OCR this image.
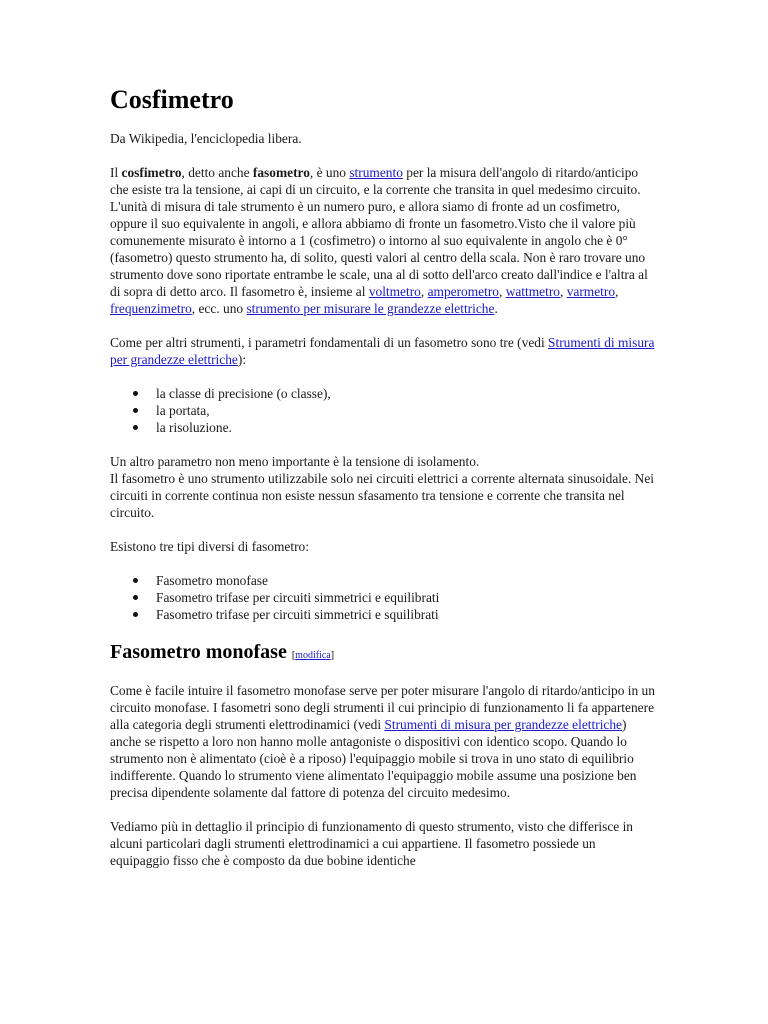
Cosfimetro
Da Wikipedia, l'enciclopedia libera.

Il cosfimetro, detto anche fasometro, è uno strumento per la misura dell'angolo di ritardo/anticipo che esiste tra la tensione, ai capi di un circuito, e la corrente che transita in quel medesimo circuito. L'unità di misura di tale strumento è un numero puro, e allora siamo di fronte ad un cosfimetro, oppure il suo equivalente in angoli, e allora abbiamo di fronte un fasometro.Visto che il valore più comunemente misurato è intorno a 1 (cosfimetro) o intorno al suo equivalente in angolo che è 0° (fasometro) questo strumento ha, di solito, questi valori al centro della scala. Non è raro trovare uno strumento dove sono riportate entrambe le scale, una al di sotto dell'arco creato dall'indice e l'altra al di sopra di detto arco. Il fasometro è, insieme al voltmetro, amperometro, wattmetro, varmetro, frequenzimetro, ecc. uno strumento per misurare le grandezze elettriche.

Come per altri strumenti, i parametri fondamentali di un fasometro sono tre (vedi Strumenti di misura per grandezze elettriche):

la classe di precisione (o classe),
la portata,
la risoluzione.

Un altro parametro non meno importante è la tensione di isolamento.
Il fasometro è uno strumento utilizzabile solo nei circuiti elettrici a corrente alternata sinusoidale. Nei circuiti in corrente continua non esiste nessun sfasamento tra tensione e corrente che transita nel circuito.

Esistono tre tipi diversi di fasometro:

Fasometro monofase
Fasometro trifase per circuiti simmetrici e equilibrati
Fasometro trifase per circuiti simmetrici e squilibrati
Fasometro monofase [modifica]

Come è facile intuire il fasometro monofase serve per poter misurare l'angolo di ritardo/anticipo in un circuito monofase. I fasometri sono degli strumenti il cui principio di funzionamento li fa appartenere alla categoria degli strumenti elettrodinamici (vedi Strumenti di misura per grandezze elettriche) anche se rispetto a loro non hanno molle antagoniste o dispositivi con identico scopo. Quando lo strumento non è alimentato (cioè è a riposo) l'equipaggio mobile si trova in uno stato di equilibrio indifferente. Quando lo strumento viene alimentato l'equipaggio mobile assume una posizione ben precisa dipendente solamente dal fattore di potenza del circuito medesimo.

Vediamo più in dettaglio il principio di funzionamento di questo strumento, visto che differisce in alcuni particolari dagli strumenti elettrodinamici a cui appartiene. Il fasometro possiede un equipaggio fisso che è composto da due bobine identiche
